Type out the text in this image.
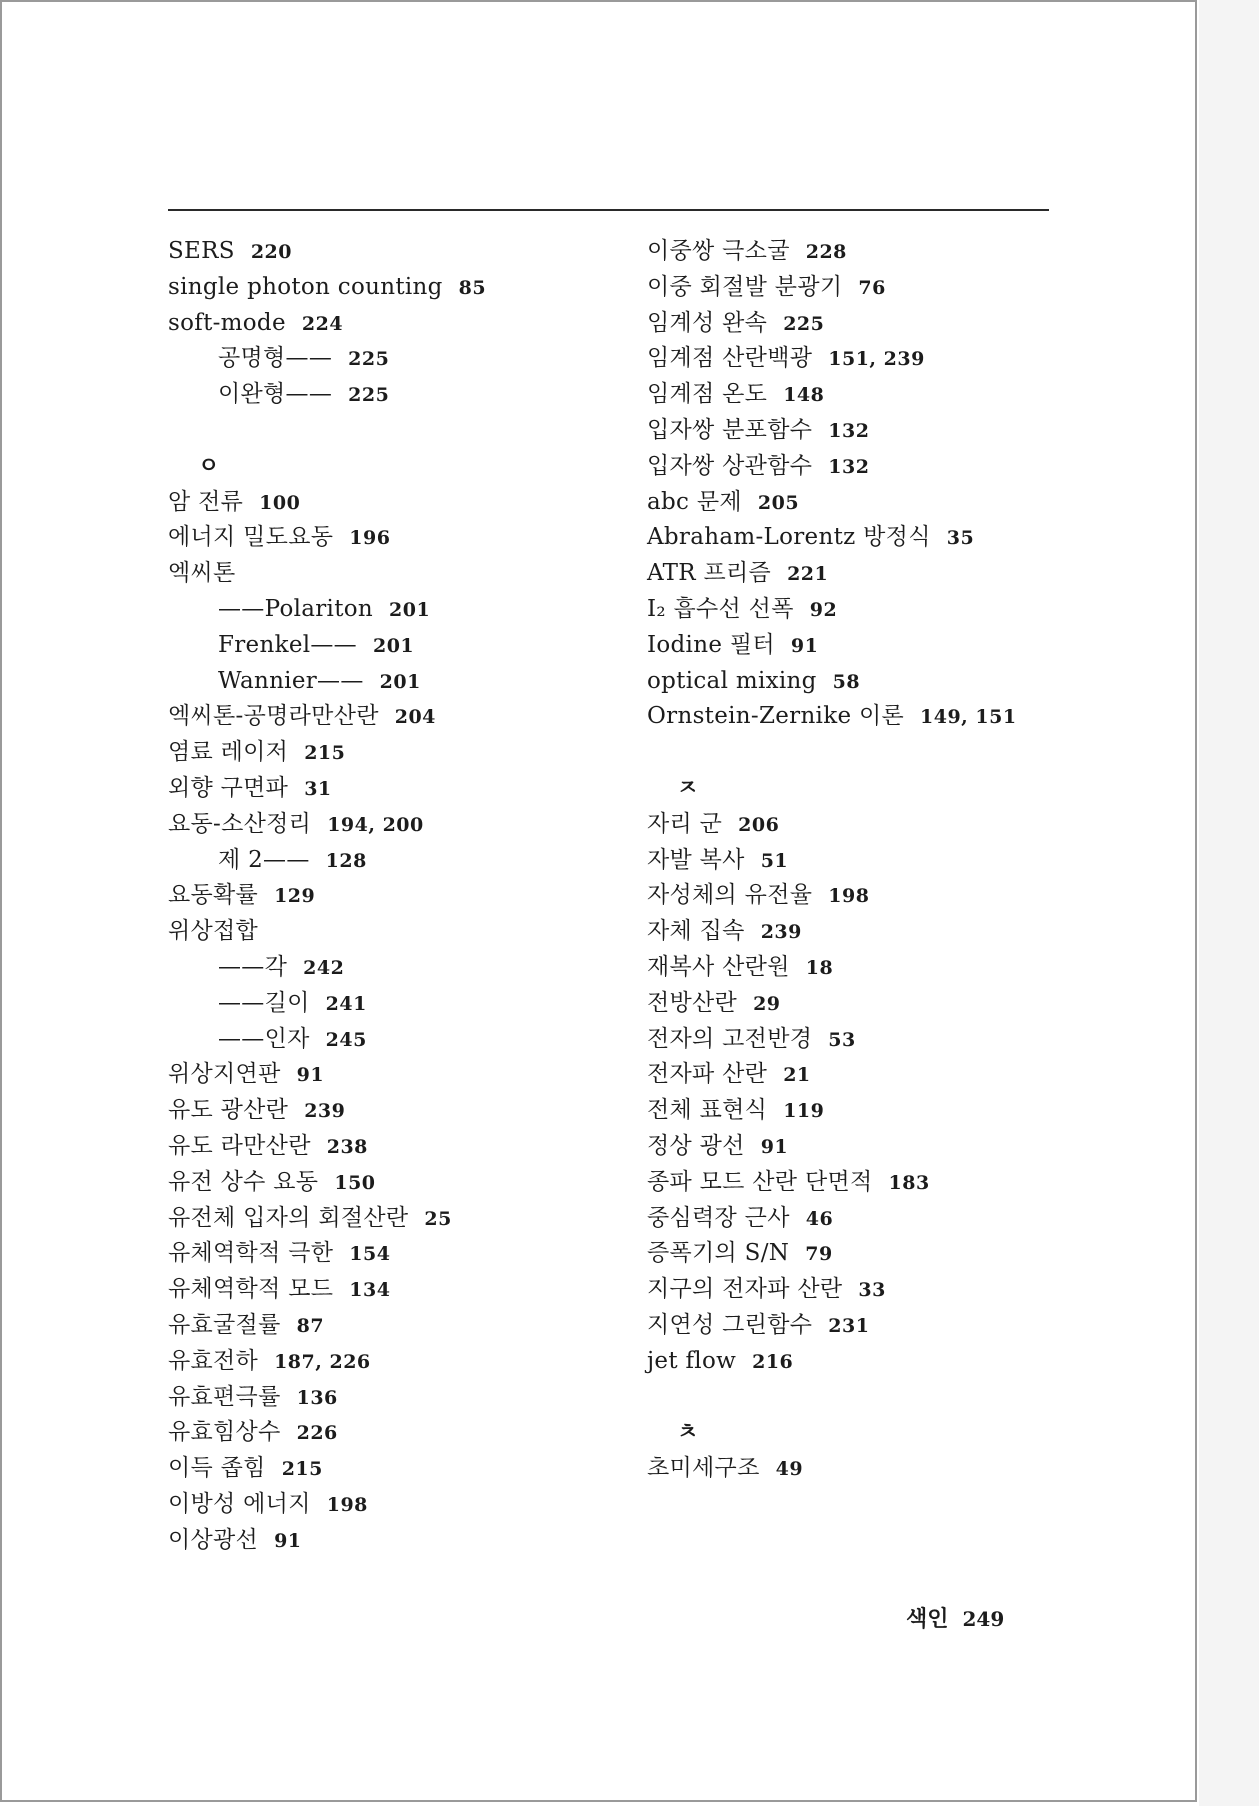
SERS 220
single photon counting 85
soft-mode 224
공명형—— 225
이완형—— 225
ㅇ
암 전류 100
에너지 밀도요동 196
엑씨톤
——Polariton 201
Frenkel—— 201
Wannier—— 201
엑씨톤-공명라만산란 204
염료 레이저 215
외향 구면파 31
요동-소산정리 194, 200
제 2—— 128
요동확률 129
위상접합
——각 242
——길이 241
——인자 245
위상지연판 91
유도 광산란 239
유도 라만산란 238
유전 상수 요동 150
유전체 입자의 회절산란 25
유체역학적 극한 154
유체역학적 모드 134
유효굴절률 87
유효전하 187, 226
유효편극률 136
유효힘상수 226
이득 좁힘 215
이방성 에너지 198
이상광선 91
이중쌍 극소굴 228
이중 회절발 분광기 76
임계성 완속 225
임계점 산란백광 151, 239
임계점 온도 148
입자쌍 분포함수 132
입자쌍 상관함수 132
abc 문제 205
Abraham-Lorentz 방정식 35
ATR 프리즘 221
I₂ 흡수선 선폭 92
Iodine 필터 91
optical mixing 58
Ornstein-Zernike 이론 149, 151
ㅈ
자리 군 206
자발 복사 51
자성체의 유전율 198
자체 집속 239
재복사 산란원 18
전방산란 29
전자의 고전반경 53
전자파 산란 21
전체 표현식 119
정상 광선 91
종파 모드 산란 단면적 183
중심력장 근사 46
증폭기의 S/N 79
지구의 전자파 산란 33
지연성 그린함수 231
jet flow 216
ㅊ
초미세구조 49
색인 249
